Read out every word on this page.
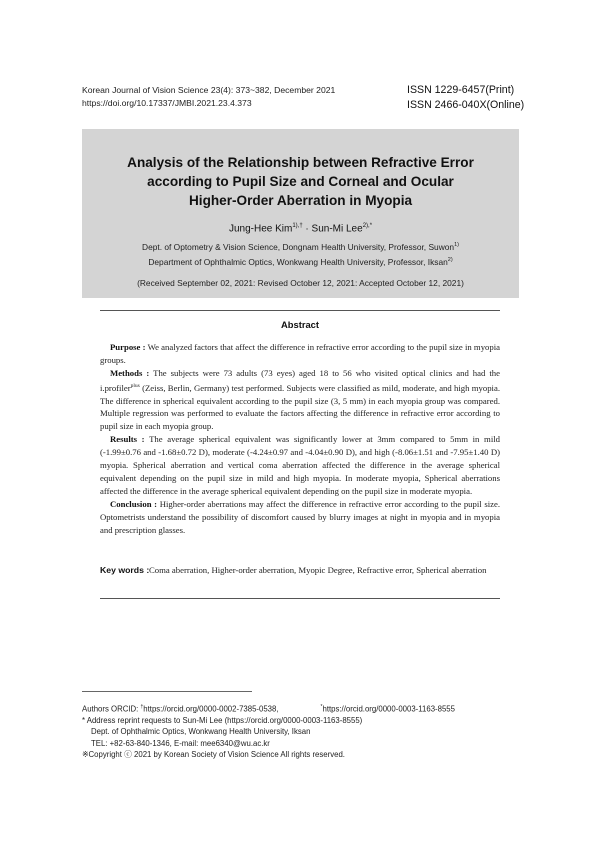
Korean Journal of Vision Science 23(4): 373~382, December 2021
https://doi.org/10.17337/JMBI.2021.23.4.373
ISSN 1229-6457(Print)
ISSN 2466-040X(Online)
Analysis of the Relationship between Refractive Error
according to Pupil Size and Corneal and Ocular
Higher-Order Aberration in Myopia
Jung-Hee Kim$^{1),\dagger}$ · Sun-Mi Lee$^{2),*}$
Dept. of Optometry & Vision Science, Dongnam Health University, Professor, Suwon$^{1)}$
Department of Ophthalmic Optics, Wonkwang Health University, Professor, Iksan$^{2)}$
(Received September 02, 2021: Revised October 12, 2021: Accepted October 12, 2021)
Abstract

Purpose : We analyzed factors that affect the difference in refractive error according to the pupil size in myopia groups.

Methods : The subjects were 73 adults (73 eyes) aged 18 to 56 who visited optical clinics and had the i.profiler$^{plus}$ (Zeiss, Berlin, Germany) test performed. Subjects were classified as mild, moderate, and high myopia. The difference in spherical equivalent according to the pupil size (3, 5 mm) in each myopia group was compared. Multiple regression was performed to evaluate the factors affecting the difference in refractive error according to pupil size in each myopia group.

Results : The average spherical equivalent was significantly lower at 3mm compared to 5mm in mild (-1.99±0.76 and -1.68±0.72 D), moderate (-4.24±0.97 and -4.04±0.90 D), and high (-8.06±1.51 and -7.95±1.40 D) myopia. Spherical aberration and vertical coma aberration affected the difference in the average spherical equivalent depending on the pupil size in mild and high myopia. In moderate myopia, Spherical aberrations affected the difference in the average spherical equivalent depending on the pupil size in moderate myopia.

Conclusion : Higher-order aberrations may affect the difference in refractive error according to the pupil size. Optometrists understand the possibility of discomfort caused by blurry images at night in myopia and in myopia and prescription glasses.

Key words : Coma aberration, Higher-order aberration, Myopic Degree, Refractive error, Spherical aberration
Authors ORCID: †https://orcid.org/0000-0002-7385-0538,	*https://orcid.org/0000-0003-1163-8555
* Address reprint requests to Sun-Mi Lee (https://orcid.org/0000-0003-1163-8555)
Dept. of Ophthalmic Optics, Wonkwang Health University, Iksan
TEL: +82-63-840-1346, E-mail: mee6340@wu.ac.kr
※Copyright ⓒ 2021 by Korean Society of Vision Science All rights reserved.
